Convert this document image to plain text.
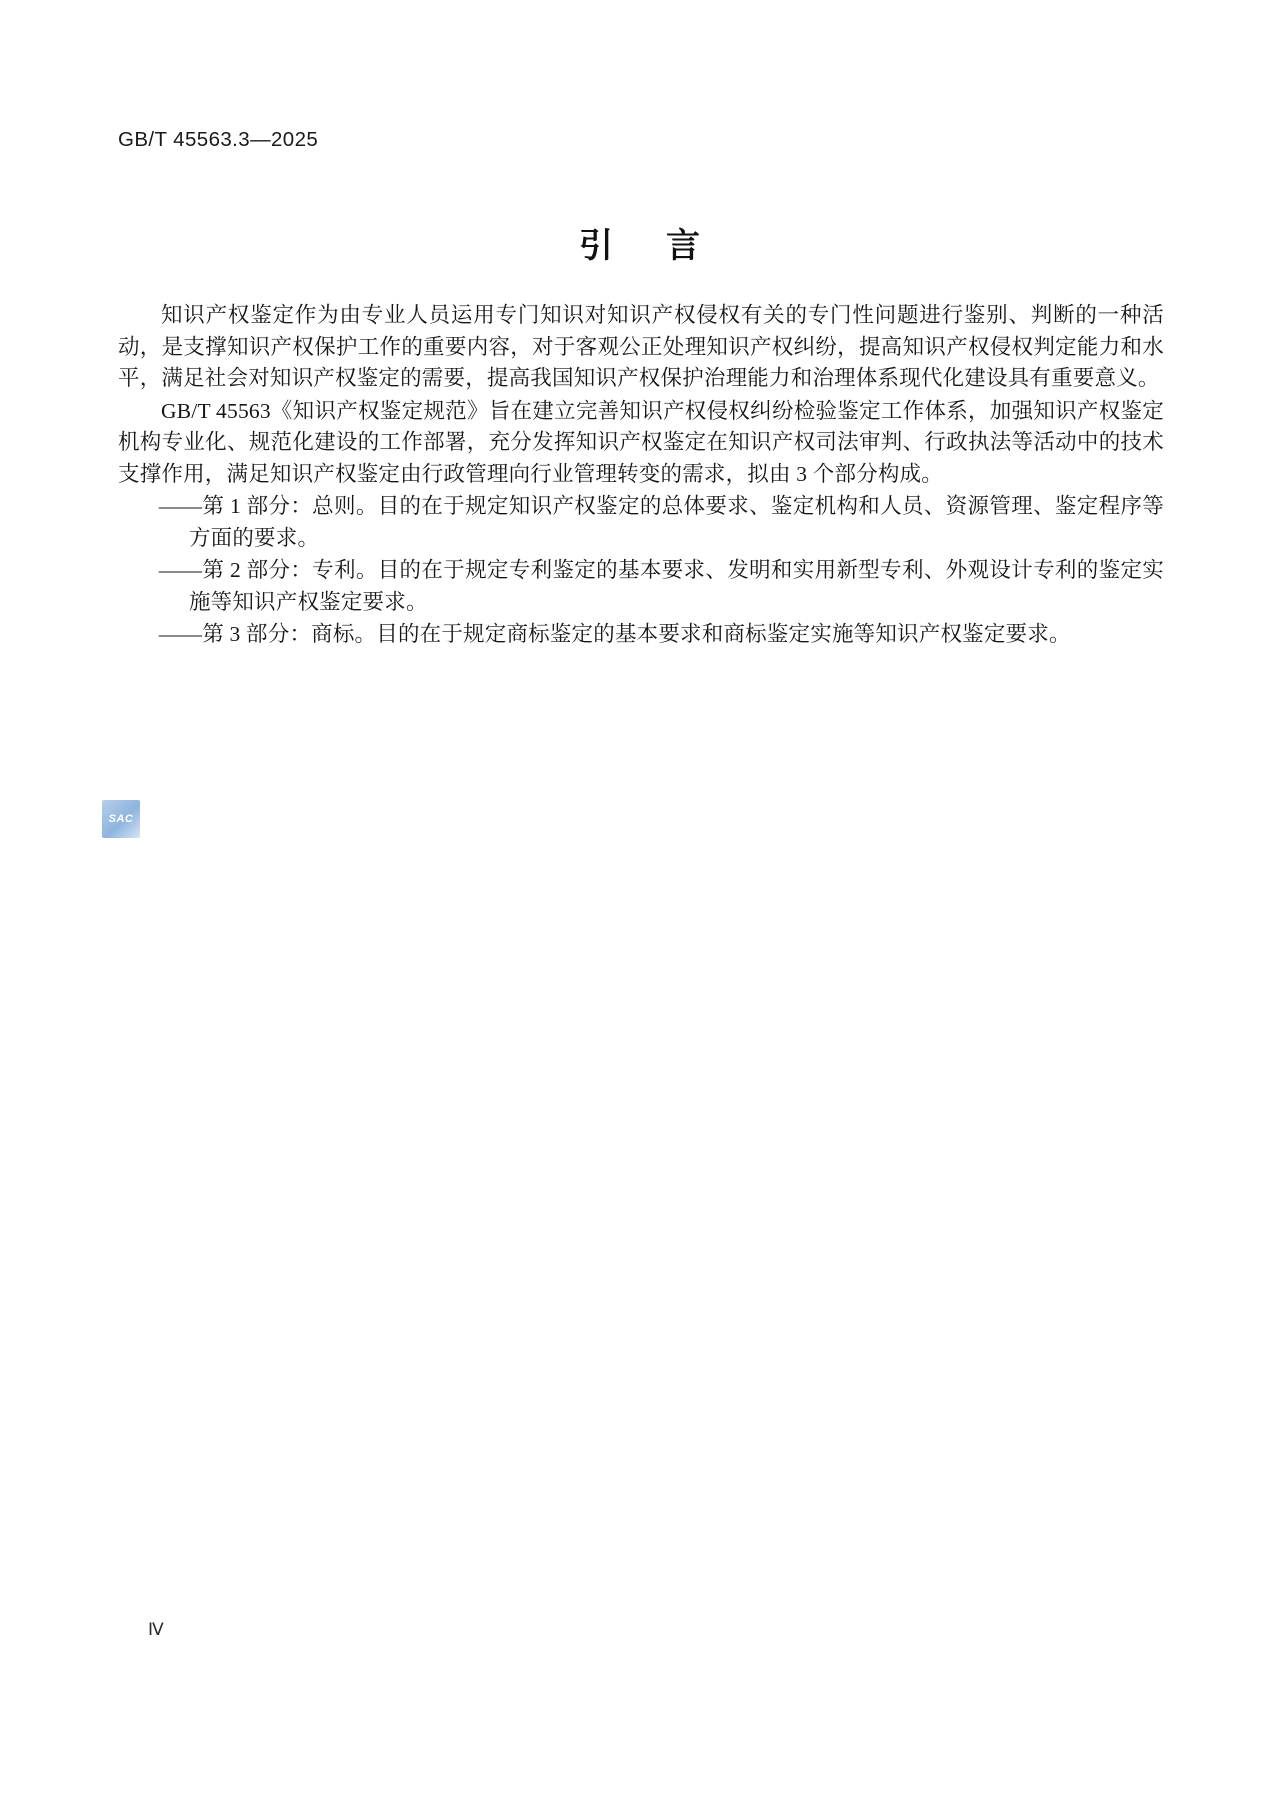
GB/T 45563.3—2025
引 言

知识产权鉴定作为由专业人员运用专门知识对知识产权侵权有关的专门性问题进行鉴别、判断的一种活动，是支撑知识产权保护工作的重要内容，对于客观公正处理知识产权纠纷，提高知识产权侵权判定能力和水平，满足社会对知识产权鉴定的需要，提高我国知识产权保护治理能力和治理体系现代化建设具有重要意义。

GB/T 45563《知识产权鉴定规范》旨在建立完善知识产权侵权纠纷检验鉴定工作体系，加强知识产权鉴定机构专业化、规范化建设的工作部署，充分发挥知识产权鉴定在知识产权司法审判、行政执法等活动中的技术支撑作用，满足知识产权鉴定由行政管理向行业管理转变的需求，拟由 3 个部分构成。

——第 1 部分：总则。目的在于规定知识产权鉴定的总体要求、鉴定机构和人员、资源管理、鉴定程序等方面的要求。
——第 2 部分：专利。目的在于规定专利鉴定的基本要求、发明和实用新型专利、外观设计专利的鉴定实施等知识产权鉴定要求。
——第 3 部分：商标。目的在于规定商标鉴定的基本要求和商标鉴定实施等知识产权鉴定要求。
SAC
Ⅳ
